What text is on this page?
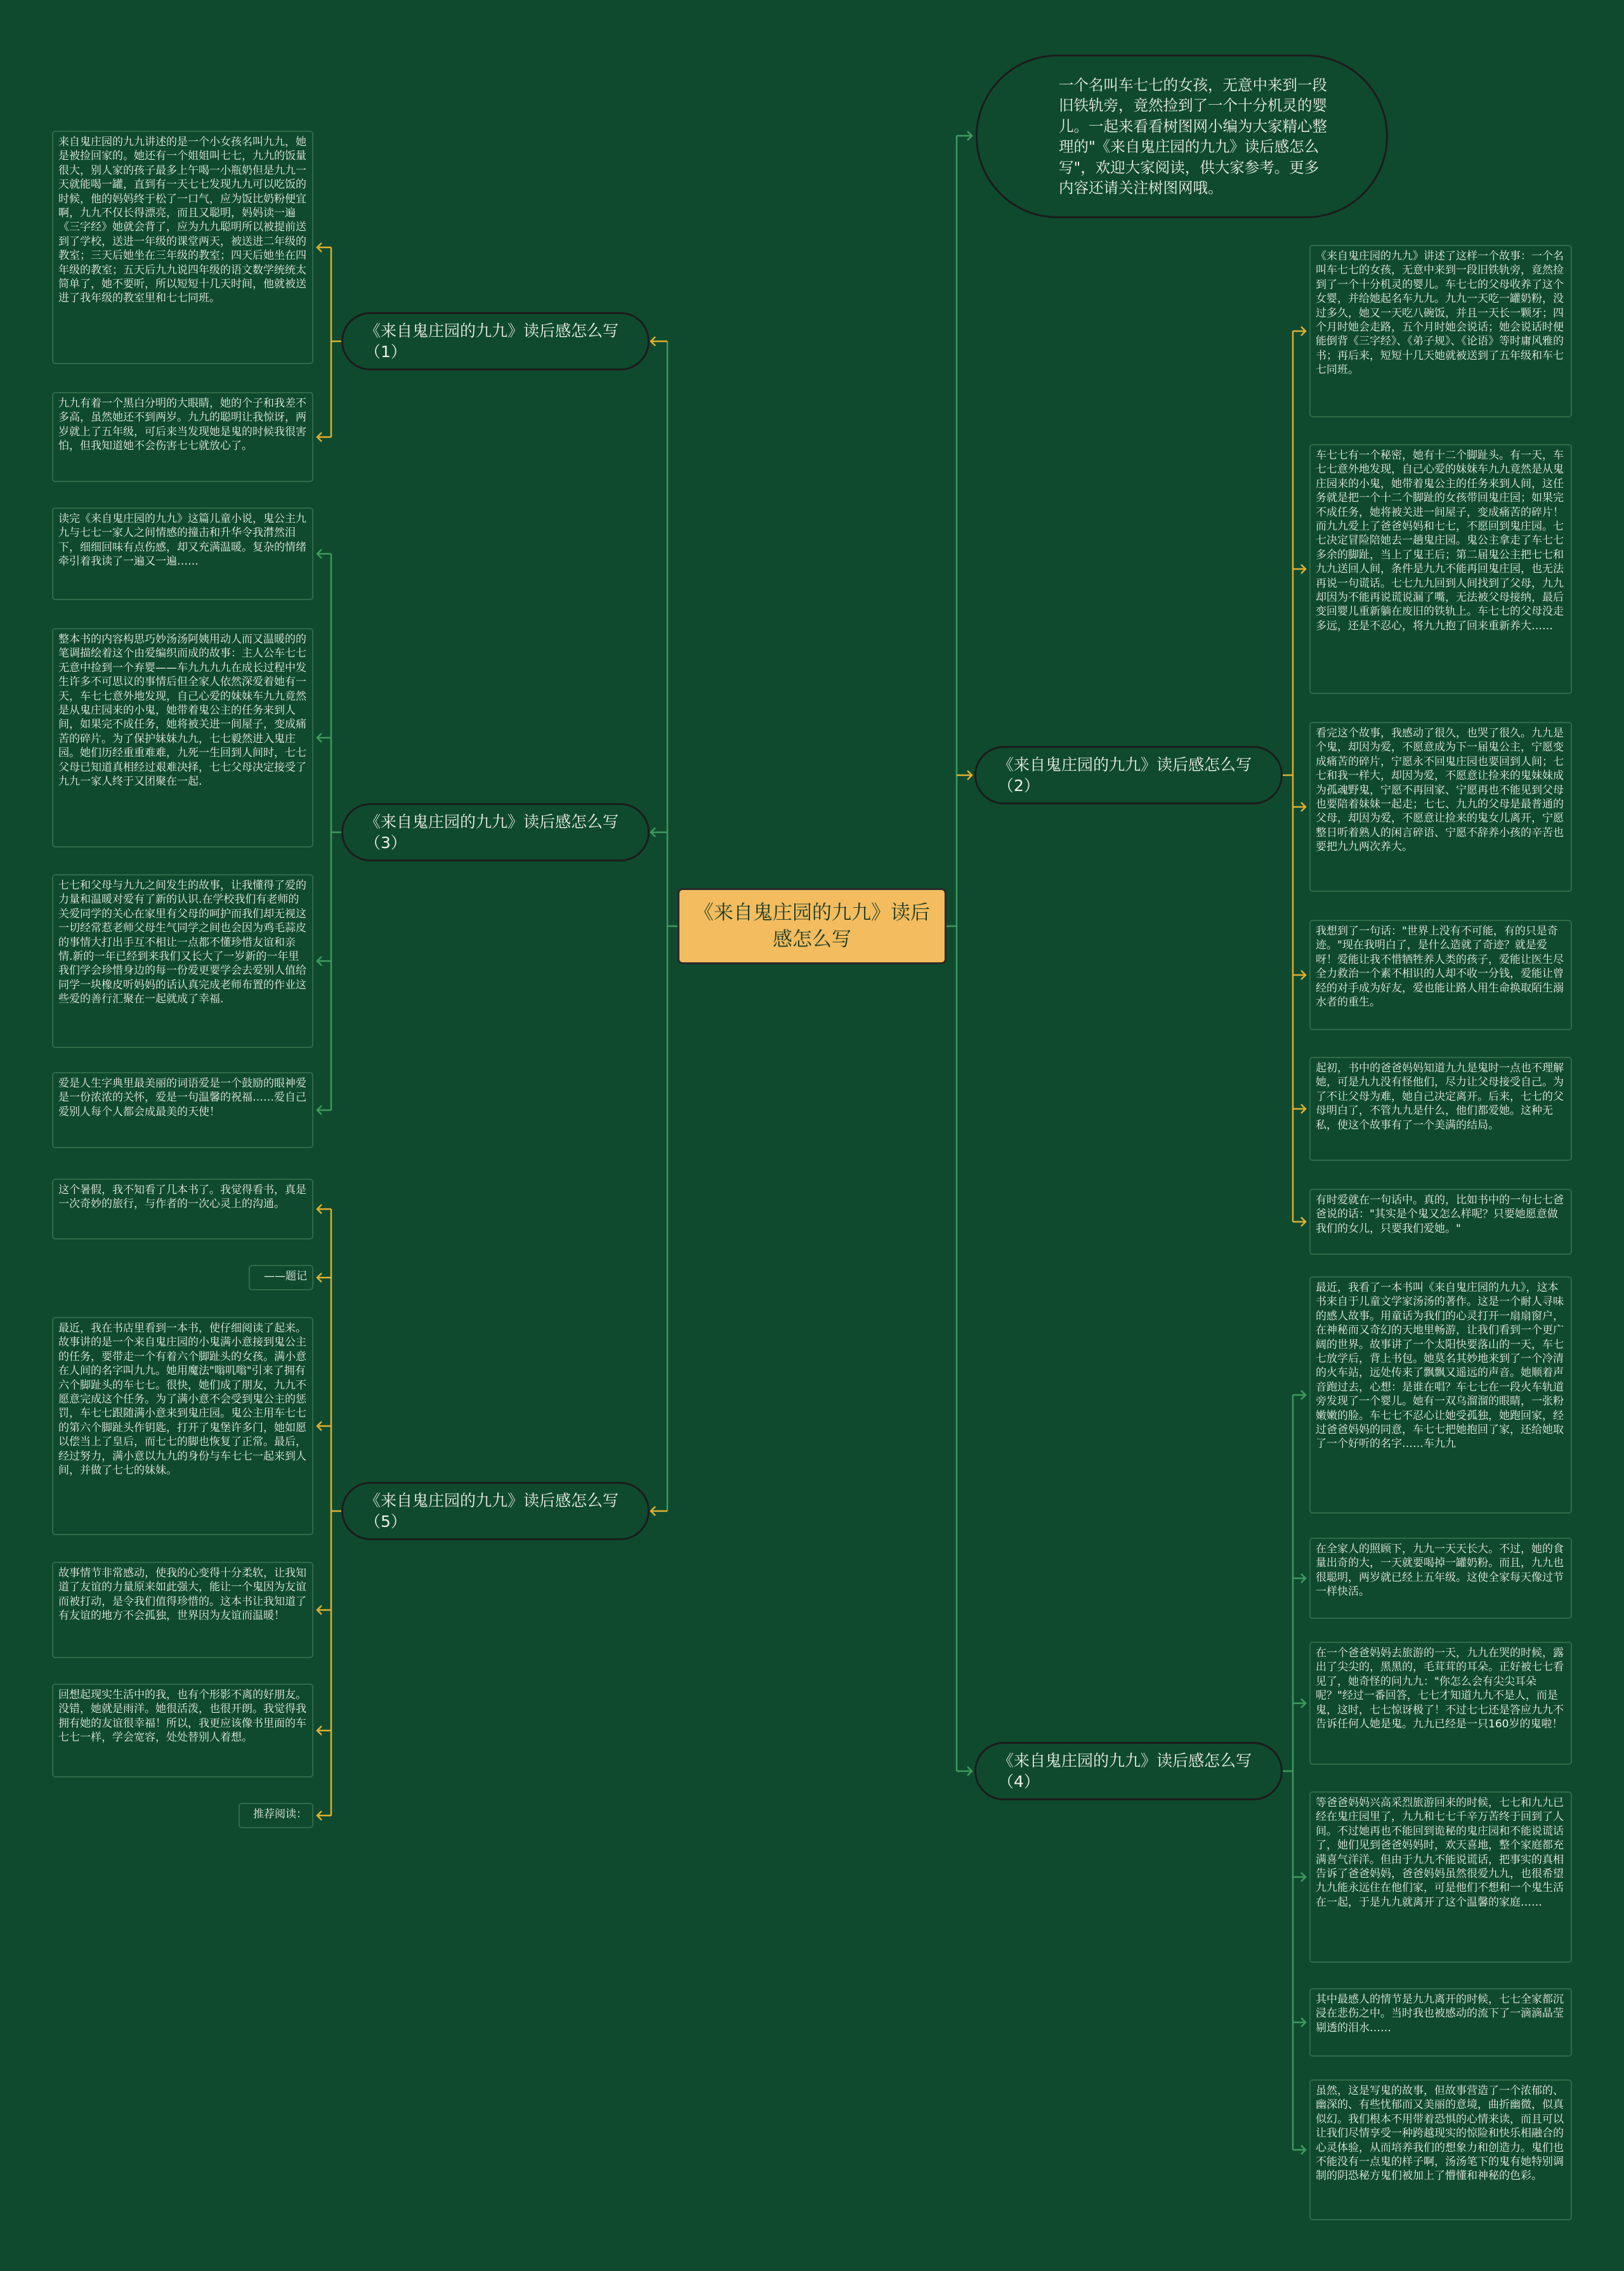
《来自鬼庄园的九九》读后感怎么写
一个名叫车七七的女孩，无意中来到一段旧铁轨旁，竟然捡到了一个十分机灵的婴儿。一起来看看树图网小编为大家精心整理的"《来自鬼庄园的九九》读后感怎么写"，欢迎大家阅读，供大家参考。更多内容还请关注树图网哦。
《来自鬼庄园的九九》读后感怎么写（1）
《来自鬼庄园的九九》读后感怎么写（3）
《来自鬼庄园的九九》读后感怎么写（5）
《来自鬼庄园的九九》读后感怎么写（2）
《来自鬼庄园的九九》读后感怎么写（4）
来自鬼庄园的九九讲述的是一个小女孩名叫九九，她是被捡回家的。她还有一个姐姐叫七七，九九的饭量很大，别人家的孩子最多上午喝一小瓶奶但是九九一天就能喝一罐，直到有一天七七发现九九可以吃饭的时候，他的妈妈终于松了一口气，应为饭比奶粉便宜啊，九九不仅长得漂亮，而且又聪明，妈妈读一遍《三字经》她就会背了，应为九九聪明所以被提前送到了学校，送进一年级的课堂两天，被送进二年级的教室；三天后她坐在三年级的教室；四天后她坐在四年级的教室；五天后九九说四年级的语文数学统统太简单了，她不要听，所以短短十几天时间，他就被送进了我年级的教室里和七七同班。
九九有着一个黑白分明的大眼睛，她的个子和我差不多高，虽然她还不到两岁。九九的聪明让我惊讶，两岁就上了五年级，可后来当发现她是鬼的时候我很害怕，但我知道她不会伤害七七就放心了。
读完《来自鬼庄园的九九》这篇儿童小说，鬼公主九九与七七一家人之间情感的撞击和升华令我潸然泪下，细细回味有点伤感，却又充满温暖。复杂的情绪牵引着我读了一遍又一遍……
整本书的内容构思巧妙汤汤阿姨用动人而又温暖的的笔调描绘着这个由爱编织而成的故事：主人公车七七无意中捡到一个弃婴——车九九九九在成长过程中发生许多不可思议的事情后但全家人依然深爱着她有一天，车七七意外地发现，自己心爱的妹妹车九九竟然是从鬼庄园来的小鬼，她带着鬼公主的任务来到人间，如果完不成任务，她将被关进一间屋子，变成痛苦的碎片。为了保护妹妹九九，七七毅然进入鬼庄园。她们历经重重难难，九死一生回到人间时，七七父母已知道真相经过艰难决择，七七父母决定接受了九九一家人终于又团聚在一起.
七七和父母与九九之间发生的故事，让我懂得了爱的力量和温暖对爱有了新的认识.在学校我们有老师的关爱同学的关心在家里有父母的呵护而我们却无视这一切经常惹老师父母生气同学之间也会因为鸡毛蒜皮的事情大打出手互不相让一点都不懂珍惜友谊和亲情.新的一年已经到来我们又长大了一岁新的一年里我们学会珍惜身边的每一份爱更要学会去爱别人值给同学一块橡皮听妈妈的话认真完成老师布置的作业这些爱的善行汇聚在一起就成了幸福.
爱是人生字典里最美丽的词语爱是一个鼓励的眼神爱是一份浓浓的关怀，爱是一句温馨的祝福……爱自己爱别人每个人都会成最美的天使！
这个暑假，我不知看了几本书了。我觉得看书，真是一次奇妙的旅行，与作者的一次心灵上的沟通。
——题记
最近，我在书店里看到一本书，使仔细阅读了起来。故事讲的是一个来自鬼庄园的小鬼满小意接到鬼公主的任务，要带走一个有着六个脚趾头的女孩。满小意在人间的名字叫九九。她用魔法"嗡叽嗡"引来了拥有六个脚趾头的车七七。很快，她们成了朋友，九九不愿意完成这个任务。为了满小意不会受到鬼公主的惩罚，车七七跟随满小意来到鬼庄园。鬼公主用车七七的第六个脚趾头作钥匙，打开了鬼堡许多门，她如愿以偿当上了皇后，而七七的脚也恢复了正常。最后，经过努力，满小意以九九的身份与车七七一起来到人间，并做了七七的妹妹。
故事情节非常感动，使我的心变得十分柔软，让我知道了友谊的力量原来如此强大，能让一个鬼因为友谊而被打动，是令我们值得珍惜的。这本书让我知道了有友谊的地方不会孤独，世界因为友谊而温暖！
回想起现实生活中的我，也有个形影不离的好朋友。没错，她就是雨洋。她很活泼，也很开朗。我觉得我拥有她的友谊很幸福！所以，我更应该像书里面的车七七一样，学会宽容，处处替别人着想。
推荐阅读：
《来自鬼庄园的九九》讲述了这样一个故事：一个名叫车七七的女孩，无意中来到一段旧铁轨旁，竟然捡到了一个十分机灵的婴儿。车七七的父母收养了这个女婴，并给她起名车九九。九九一天吃一罐奶粉，没过多久，她又一天吃八碗饭，并且一天长一颗牙；四个月时她会走路，五个月时她会说话；她会说话时便能倒背《三字经》、《弟子规》、《论语》等时庸风雅的书；再后来，短短十几天她就被送到了五年级和车七七同班。
车七七有一个秘密，她有十二个脚趾头。有一天，车七七意外地发现，自己心爱的妹妹车九九竟然是从鬼庄园来的小鬼，她带着鬼公主的任务来到人间，这任务就是把一个十二个脚趾的女孩带回鬼庄园；如果完不成任务，她将被关进一间屋子，变成痛苦的碎片！而九九爱上了爸爸妈妈和七七，不愿回到鬼庄园。七七决定冒险陪她去一趟鬼庄园。鬼公主拿走了车七七多余的脚趾，当上了鬼王后；第二届鬼公主把七七和九九送回人间，条件是九九不能再回鬼庄园，也无法再说一句谎话。七七九九回到人间找到了父母，九九却因为不能再说谎说漏了嘴，无法被父母接纳，最后变回婴儿重新躺在废旧的铁轨上。车七七的父母没走多远，还是不忍心，将九九抱了回来重新养大……
看完这个故事，我感动了很久，也哭了很久。九九是个鬼，却因为爱，不愿意成为下一届鬼公主，宁愿变成痛苦的碎片，宁愿永不回鬼庄园也要回到人间；七七和我一样大，却因为爱，不愿意让捡来的鬼妹妹成为孤魂野鬼，宁愿不再回家、宁愿再也不能见到父母也要陪着妹妹一起走；七七、九九的父母是最普通的父母，却因为爱，不愿意让捡来的鬼女儿离开，宁愿整日听着熟人的闲言碎语、宁愿不辞养小孩的辛苦也要把九九两次养大。
我想到了一句话："世界上没有不可能，有的只是奇迹。"现在我明白了，是什么造就了奇迹？就是爱呀！爱能让我不惜牺牲养人类的孩子，爱能让医生尽全力救治一个素不相识的人却不收一分钱，爱能让曾经的对手成为好友，爱也能让路人用生命换取陌生溺水者的重生。
起初，书中的爸爸妈妈知道九九是鬼时一点也不理解她，可是九九没有怪他们，尽力让父母接受自己。为了不让父母为难，她自己决定离开。后来，七七的父母明白了，不管九九是什么，他们都爱她。这种无私，使这个故事有了一个美满的结局。
有时爱就在一句话中。真的，比如书中的一句七七爸爸说的话："其实是个鬼又怎么样呢？只要她愿意做我们的女儿，只要我们爱她。"
最近，我看了一本书叫《来自鬼庄园的九九》，这本书来自于儿童文学家汤汤的著作。这是一个耐人寻味的感人故事。用童话为我们的心灵打开一扇扇窗户，在神秘而又奇幻的天地里畅游，让我们看到一个更广阔的世界。故事讲了一个太阳快要落山的一天，车七七放学后，背上书包。她莫名其妙地来到了一个冷清的火车站，远处传来了飘飘又遥远的声音。她顺着声音跑过去，心想：是谁在唱？车七七在一段火车轨道旁发现了一个婴儿。她有一双乌溜溜的眼睛，一张粉嫩嫩的脸。车七七不忍心让她受孤独，她跑回家，经过爸爸妈妈的同意，车七七把她抱回了家，还给她取了一个好听的名字……车九九
在全家人的照顾下，九九一天天长大。不过，她的食量出奇的大，一天就要喝掉一罐奶粉。而且，九九也很聪明，两岁就已经上五年级。这使全家每天像过节一样快活。
在一个爸爸妈妈去旅游的一天，九九在哭的时候，露出了尖尖的，黑黑的，毛茸茸的耳朵。正好被七七看见了，她奇怪的问九九："你怎么会有尖尖耳朵呢？"经过一番回答，七七才知道九九不是人，而是鬼，这时，七七惊讶极了！不过七七还是答应九九不告诉任何人她是鬼。九九已经是一只160岁的鬼啦！
等爸爸妈妈兴高采烈旅游回来的时候，七七和九九已经在鬼庄园里了，九九和七七千辛万苦终于回到了人间。不过她再也不能回到诡秘的鬼庄园和不能说谎话了，她们见到爸爸妈妈时，欢天喜地，整个家庭都充满喜气洋洋。但由于九九不能说谎话，把事实的真相告诉了爸爸妈妈，爸爸妈妈虽然很爱九九，也很希望九九能永远住在他们家，可是他们不想和一个鬼生活在一起，于是九九就离开了这个温馨的家庭……
其中最感人的情节是九九离开的时候，七七全家都沉浸在悲伤之中。当时我也被感动的流下了一滴滴晶莹剔透的泪水……
虽然，这是写鬼的故事，但故事营造了一个浓郁的、幽深的、有些忧郁而又美丽的意境，曲折幽微，似真似幻。我们根本不用带着恐惧的心情来读，而且可以让我们尽情享受一种跨越现实的惊险和快乐相融合的心灵体验，从而培养我们的想象力和创造力。鬼们也不能没有一点鬼的样子啊，汤汤笔下的鬼有她特别调制的阴恐秘方鬼们被加上了懵懂和神秘的色彩。
